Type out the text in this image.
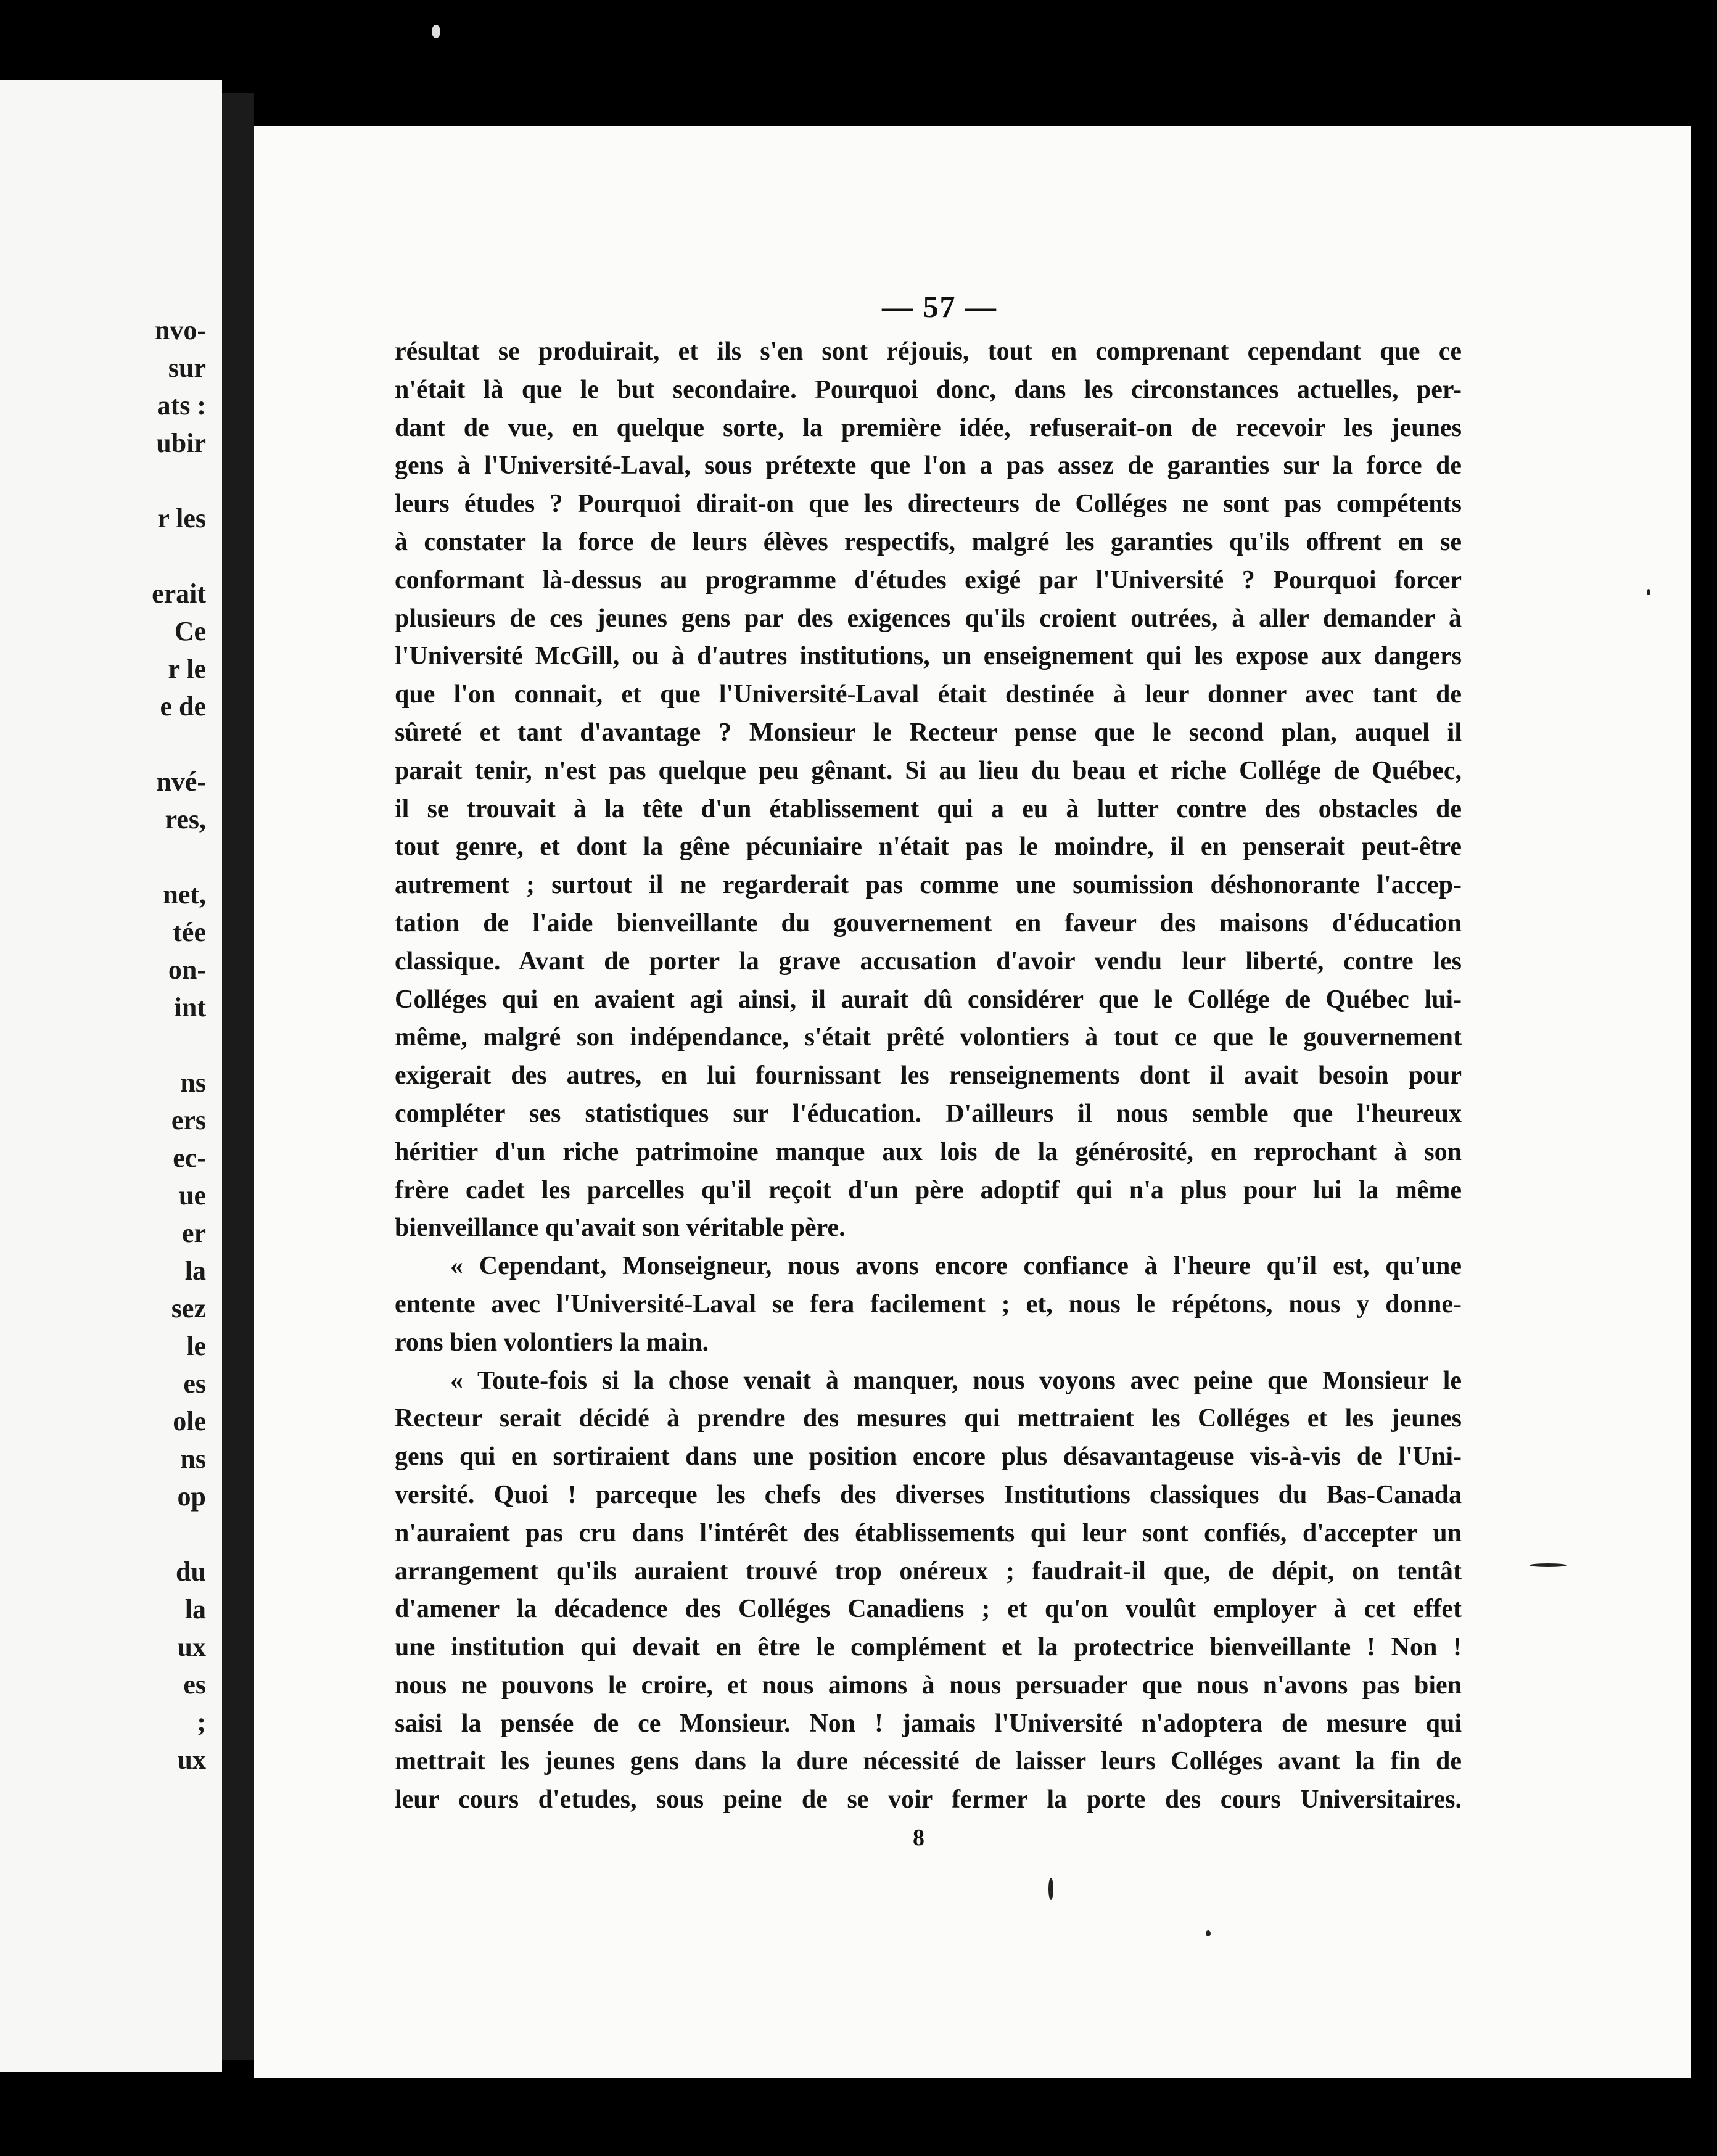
nvo-
sur
ats :
ubir
r les
erait
Ce
r le
e de
nvé-
res,
net,
tée
on-
int
ns
ers
ec-
ue
er
la
sez
le
es
ole
ns
op
du
la
ux
es
;
ux
— 57 —
résultat se produirait, et ils s'en sont réjouis, tout en comprenant cependant que ce
n'était là que le but secondaire. Pourquoi donc, dans les circonstances actuelles, per-
dant de vue, en quelque sorte, la première idée, refuserait-on de recevoir les jeunes
gens à l'Université-Laval, sous prétexte que l'on a pas assez de garanties sur la force de
leurs études ? Pourquoi dirait-on que les directeurs de Colléges ne sont pas compétents
à constater la force de leurs élèves respectifs, malgré les garanties qu'ils offrent en se
conformant là-dessus au programme d'études exigé par l'Université ? Pourquoi forcer
plusieurs de ces jeunes gens par des exigences qu'ils croient outrées, à aller demander à
l'Université McGill, ou à d'autres institutions, un enseignement qui les expose aux dangers
que l'on connait, et que l'Université-Laval était destinée à leur donner avec tant de
sûreté et tant d'avantage ? Monsieur le Recteur pense que le second plan, auquel il
parait tenir, n'est pas quelque peu gênant. Si au lieu du beau et riche Collége de Québec,
il se trouvait à la tête d'un établissement qui a eu à lutter contre des obstacles de
tout genre, et dont la gêne pécuniaire n'était pas le moindre, il en penserait peut-être
autrement ; surtout il ne regarderait pas comme une soumission déshonorante l'accep-
tation de l'aide bienveillante du gouvernement en faveur des maisons d'éducation
classique. Avant de porter la grave accusation d'avoir vendu leur liberté, contre les
Colléges qui en avaient agi ainsi, il aurait dû considérer que le Collége de Québec lui-
même, malgré son indépendance, s'était prêté volontiers à tout ce que le gouvernement
exigerait des autres, en lui fournissant les renseignements dont il avait besoin pour
compléter ses statistiques sur l'éducation. D'ailleurs il nous semble que l'heureux
héritier d'un riche patrimoine manque aux lois de la générosité, en reprochant à son
frère cadet les parcelles qu'il reçoit d'un père adoptif qui n'a plus pour lui la même
bienveillance qu'avait son véritable père.
« Cependant, Monseigneur, nous avons encore confiance à l'heure qu'il est, qu'une
entente avec l'Université-Laval se fera facilement ; et, nous le répétons, nous y donne-
rons bien volontiers la main.
« Toute-fois si la chose venait à manquer, nous voyons avec peine que Monsieur le
Recteur serait décidé à prendre des mesures qui mettraient les Colléges et les jeunes
gens qui en sortiraient dans une position encore plus désavantageuse vis-à-vis de l'Uni-
versité. Quoi ! parceque les chefs des diverses Institutions classiques du Bas-Canada
n'auraient pas cru dans l'intérêt des établissements qui leur sont confiés, d'accepter un
arrangement qu'ils auraient trouvé trop onéreux ; faudrait-il que, de dépit, on tentât
d'amener la décadence des Colléges Canadiens ; et qu'on voulût employer à cet effet
une institution qui devait en être le complément et la protectrice bienveillante ! Non !
nous ne pouvons le croire, et nous aimons à nous persuader que nous n'avons pas bien
saisi la pensée de ce Monsieur. Non ! jamais l'Université n'adoptera de mesure qui
mettrait les jeunes gens dans la dure nécessité de laisser leurs Colléges avant la fin de
leur cours d'etudes, sous peine de se voir fermer la porte des cours Universitaires.
8
